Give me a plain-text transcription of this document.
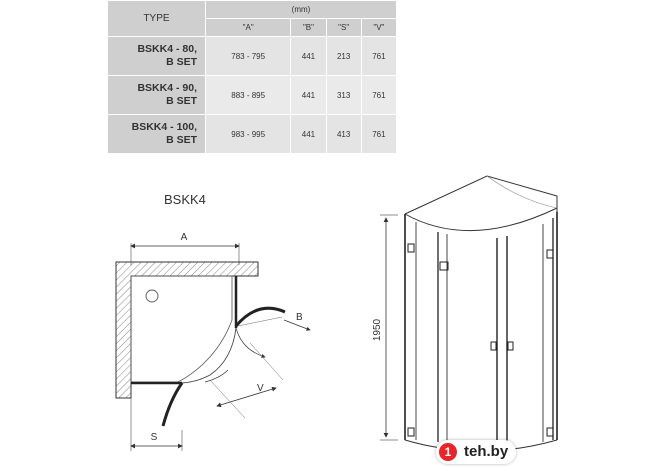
TYPE	(mm)			
	"A"	"B"	"S"	"V"
BSKK4 - 80,
B SET	783 - 795	441	213	761
BSKK4 - 90,
B SET	883 - 895	441	313	761
BSKK4 - 100,
B SET	983 - 995	441	413	761
BSKK4
A
B
V
S
1950
1 teh.by
